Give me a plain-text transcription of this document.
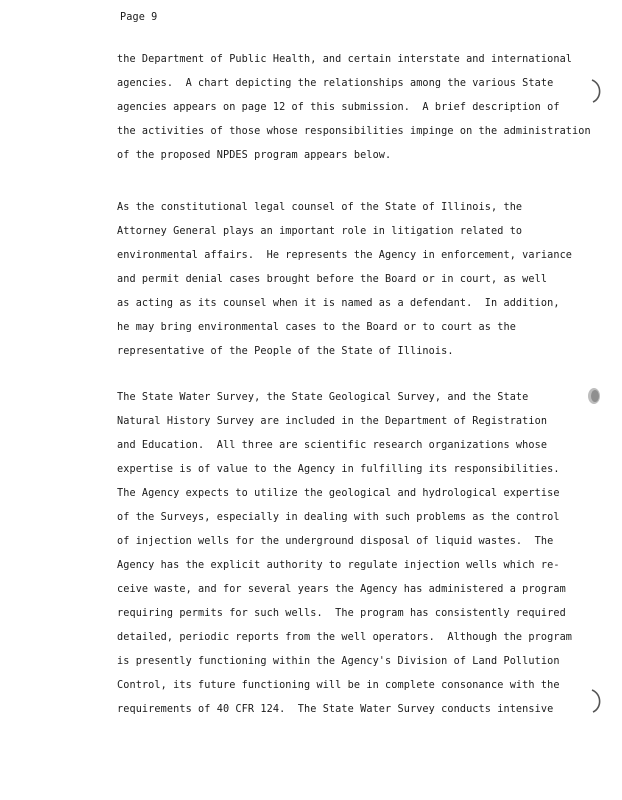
Page 9
the Department of Public Health, and certain interstate and international
agencies.  A chart depicting the relationships among the various State
agencies appears on page 12 of this submission.  A brief description of
the activities of those whose responsibilities impinge on the administration
of the proposed NPDES program appears below.
As the constitutional legal counsel of the State of Illinois, the
Attorney General plays an important role in litigation related to
environmental affairs.  He represents the Agency in enforcement, variance
and permit denial cases brought before the Board or in court, as well
as acting as its counsel when it is named as a defendant.  In addition,
he may bring environmental cases to the Board or to court as the
representative of the People of the State of Illinois.
The State Water Survey, the State Geological Survey, and the State
Natural History Survey are included in the Department of Registration
and Education.  All three are scientific research organizations whose
expertise is of value to the Agency in fulfilling its responsibilities.
The Agency expects to utilize the geological and hydrological expertise
of the Surveys, especially in dealing with such problems as the control
of injection wells for the underground disposal of liquid wastes.  The
Agency has the explicit authority to regulate injection wells which re-
ceive waste, and for several years the Agency has administered a program
requiring permits for such wells.  The program has consistently required
detailed, periodic reports from the well operators.  Although the program
is presently functioning within the Agency's Division of Land Pollution
Control, its future functioning will be in complete consonance with the
requirements of 40 CFR 124.  The State Water Survey conducts intensive
